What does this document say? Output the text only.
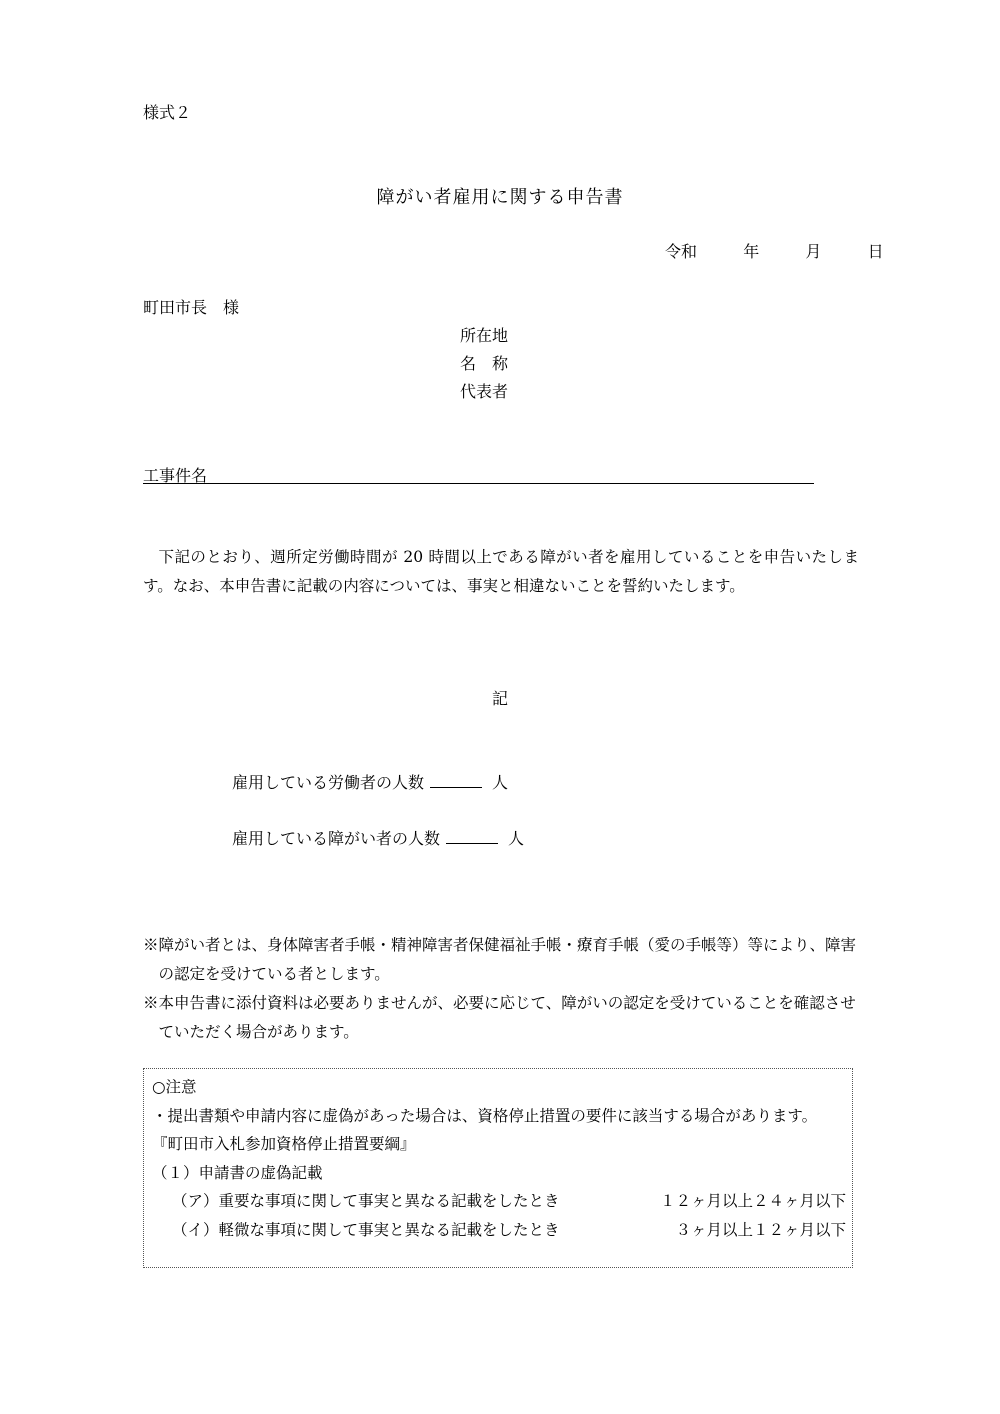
様式２
障がい者雇用に関する申告書
令和	年	月	日
町田市長　様
所在地
名　称
代表者
工事件名
下記のとおり、週所定労働時間が 20 時間以上である障がい者を雇用していることを申告いたします。なお、本申告書に記載の内容については、事実と相違ないことを誓約いたします。
記
雇用している労働者の人数	人
雇用している障がい者の人数	人
※障がい者とは、身体障害者手帳・精神障害者保健福祉手帳・療育手帳（愛の手帳等）等により、障害の認定を受けている者とします。
※本申告書に添付資料は必要ありませんが、必要に応じて、障がいの認定を受けていることを確認させていただく場合があります。
○注意
・提出書類や申請内容に虚偽があった場合は、資格停止措置の要件に該当する場合があります。
『町田市入札参加資格停止措置要綱』
（１）申請書の虚偽記載
（ア）重要な事項に関して事実と異なる記載をしたとき	１２ヶ月以上２４ヶ月以下
（イ）軽微な事項に関して事実と異なる記載をしたとき	３ヶ月以上１２ヶ月以下
